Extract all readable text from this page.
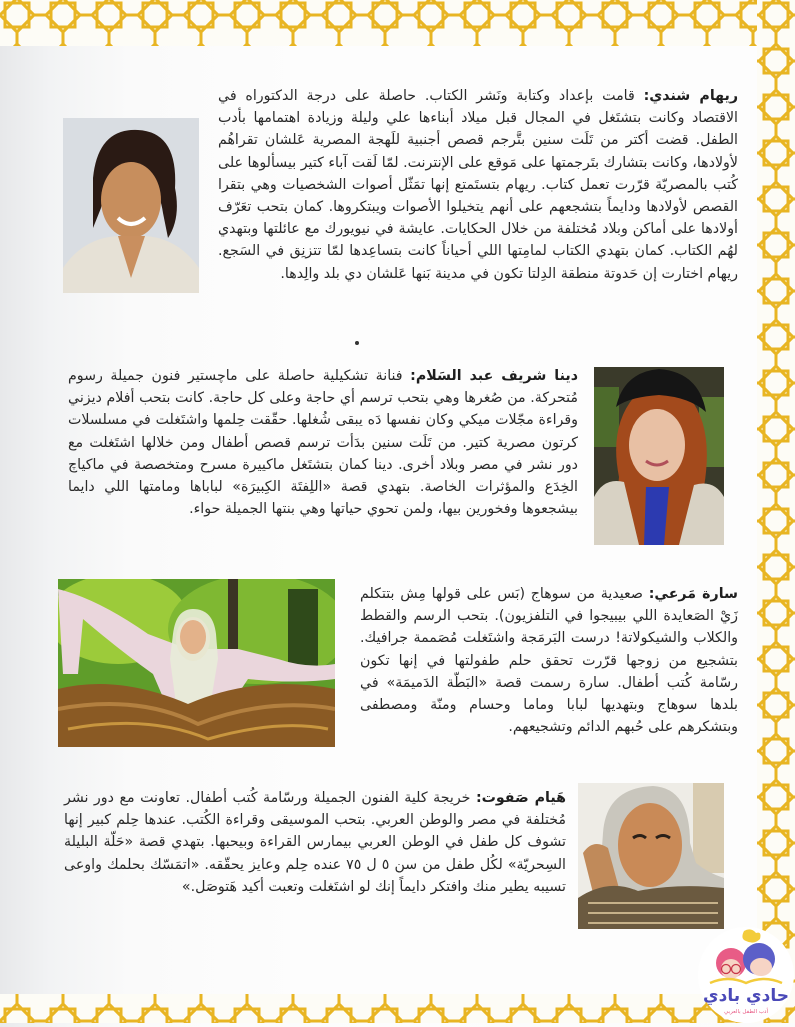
ريهام شندي: قامت بإعداد وكتابة ونَشر الكتاب. حاصلة على درجة الدكتوراه في الاقتصاد وكانت بتشتَغل في المجال قبل ميلاد أبناءها علي وليلة وزيادة اهتمامها بأدب الطفل. قضت أكتر من تَلَت سنين بتَّرجم قصص أجنبية للَهجة المصرية عَلشان تقراهُم لأولادها، وكانت بتشارك بتَرجمتها على مَوقع على الإنترنت. لمّا لَقت آباء كتير بيسألوها على كُتب بالمصريّة قرّرت تعمل كتاب. ريهام بتستَمتع إنها تمَثّل أصوات الشخصيات وهي بتقرا القصص لأولادها ودايماً بتشجعهم على أنهم يتخيلوا الأصوات ويبتكروها. كمان بتحب تعَرّف أولادها على أماكن وبلاد مُختلفة من خلال الحكايات. عايشة في نيويورك مع عائلتها وبتهدي لهُم الكتاب. كمان بتهدي الكتاب لمامِتها اللي أحياناً كانت بتساعِدها لمّا تتزنِق في السَجع. ريهام اختارت إن حَدوتة منطقة الدِلتا تكون في مدينة بَنها عَلشان دي بلد والِدها.
دينا شريف عبد السَلام: فنانة تشكيلية حاصلة على ماچستير فنون جميلة رسوم مُتحركة. من صُغرها وهي بتحب ترسم أي حاجة وعلى كل حاجة. كانت بتحب أفلام ديزني وقراءة مجّلات ميكي وكان نفسها دَه يبقى شُغلها. حقّقت حِلمها واشتَغلت في مسلسلات كرتون مصرية كتير. من تَلَت سنين بدَأت ترسم قصص أطفال ومن خلالها اشتَغلت مع دور نشر في مصر وبلاد أخرى. دينا كمان بتشتَغل ماكييرة مسرح ومتخصصة في ماكياچ الخِدَع والمؤثرات الخاصة. بتهدي قصة «اللِفتَة الكِبيرَة» لباباها ومامتها اللي دايما بيشجعوها وفخورين بيها، ولمن تحوي حياتها وهي بنتها الجميلة حواء.
سارة مَرعي: صعيدية من سوهاج (بَس على قولها مِش بتتكلم زَيْ الصَعايدة اللي بيبيجوا في التلفزيون). بتحب الرسم والقطط والكلاب والشيكولاتة! درست البَرمَجة واشتَغلت مُصَممة جرافيك. بتشجيع من زوجها قرّرت تحقق حلم طفولتها في إنها تكون رسّامة كُتب أطفال. سارة رسمت قصة «البَطّة الدَميمَة» في بلدها سوهاج وبتهديها لبابا وماما وحسام ومنّة ومصطفى وبتشكرهم على حُبهم الدائم وتشجيعهم.
هَيام صَفوت: خريجة كلية الفنون الجميلة ورسّامة كُتب أطفال. تعاونت مع دور نشر مُختلفة في مصر والوطن العربي. بتحب الموسيقى وقراءة الكُتب. عندها حِلم كبير إنها تشوف كل طفل في الوطن العربي بيمارس القراءة وبيحبها. بتهدي قصة «حَلّة البليلة السِحريّة» لكُل طفل من سن ٥ ل ٧٥ عنده حِلم وعايز يحقّقه. «اتمَسّك بحلمك واوعى تسيبه يطير منك وافتكر دايماً إنك لو اشتَغلت وتعبت أكيد هَتوصَل.»
حادي بادي
أدب الطفل بالعربي
